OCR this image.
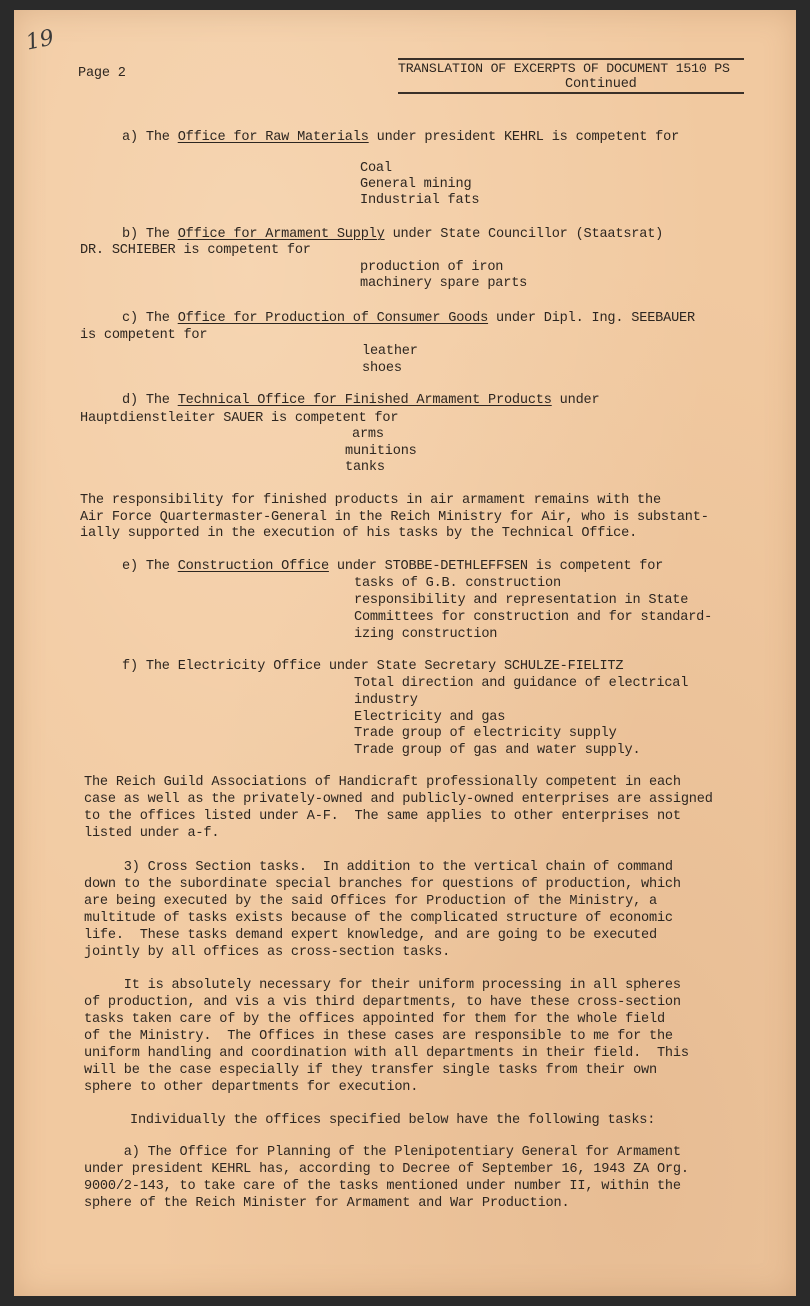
19
Page 2	TRANSLATION OF EXCERPTS OF DOCUMENT 1510 PS
Continued
a) The Office for Raw Materials under president KEHRL is competent for
Coal
General mining
Industrial fats
b) The Office for Armament Supply under State Councillor (Staatsrat)
DR. SCHIEBER is competent for
production of iron
machinery spare parts
c) The Office for Production of Consumer Goods under Dipl. Ing. SEEBAUER
is competent for
leather
shoes
d) The Technical Office for Finished Armament Products under
Hauptdienstleiter SAUER is competent for
arms
munitions
tanks
The responsibility for finished products in air armament remains with the
Air Force Quartermaster-General in the Reich Ministry for Air, who is substant-
ially supported in the execution of his tasks by the Technical Office.
e) The Construction Office under STOBBE-DETHLEFFSEN is competent for
tasks of G.B. construction
responsibility and representation in State
Committees for construction and for standard-
izing construction
f) The Electricity Office under State Secretary SCHULZE-FIELITZ
Total direction and guidance of electrical
industry
Electricity and gas
Trade group of electricity supply
Trade group of gas and water supply.
The Reich Guild Associations of Handicraft professionally competent in each
case as well as the privately-owned and publicly-owned enterprises are assigned
to the offices listed under A-F.  The same applies to other enterprises not
listed under a-f.
3) Cross Section tasks.  In addition to the vertical chain of command
down to the subordinate special branches for questions of production, which
are being executed by the said Offices for Production of the Ministry, a
multitude of tasks exists because of the complicated structure of economic
life.  These tasks demand expert knowledge, and are going to be executed
jointly by all offices as cross-section tasks.
It is absolutely necessary for their uniform processing in all spheres
of production, and vis a vis third departments, to have these cross-section
tasks taken care of by the offices appointed for them for the whole field
of the Ministry.  The Offices in these cases are responsible to me for the
uniform handling and coordination with all departments in their field.  This
will be the case especially if they transfer single tasks from their own
sphere to other departments for execution.
Individually the offices specified below have the following tasks:
a) The Office for Planning of the Plenipotentiary General for Armament
under president KEHRL has, according to Decree of September 16, 1943 ZA Org.
9000/2-143, to take care of the tasks mentioned under number II, within the
sphere of the Reich Minister for Armament and War Production.
